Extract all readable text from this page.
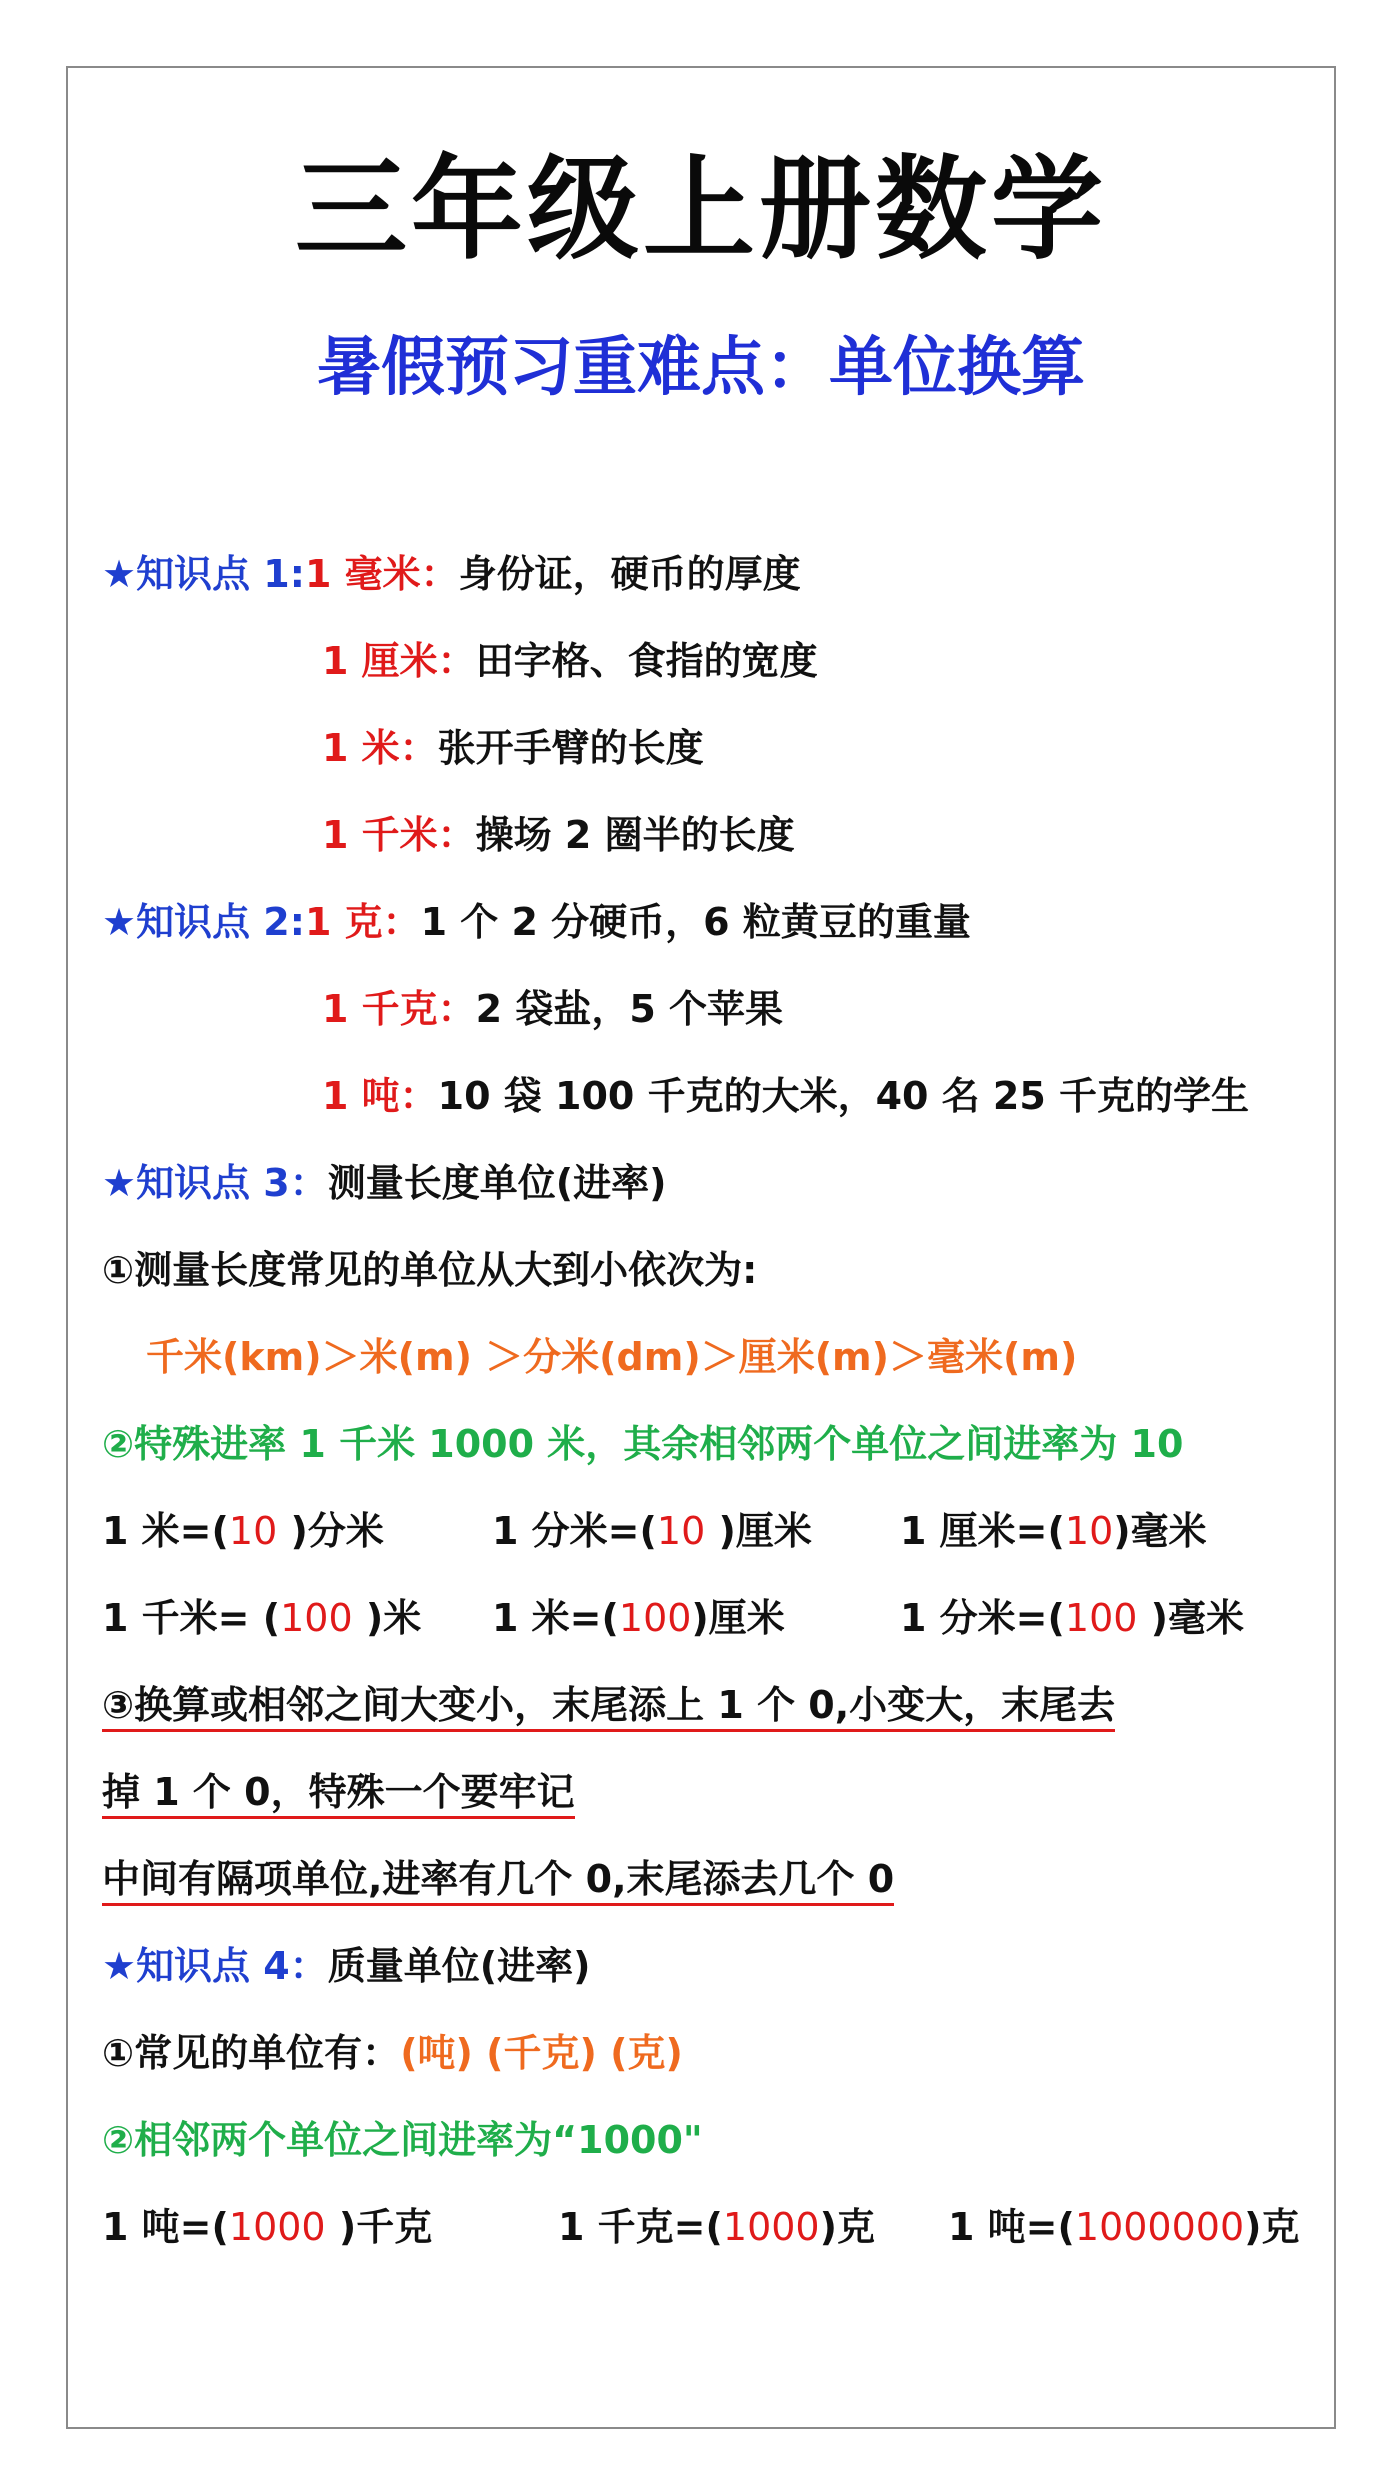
三年级上册数学
暑假预习重难点：单位换算
★知识点 1:1 毫米：身份证，硬币的厚度
1 厘米：田字格、食指的宽度
1 米：张开手臂的长度
1 千米：操场 2 圈半的长度
★知识点 2:1 克：1 个 2 分硬币，6 粒黄豆的重量
1 千克：2 袋盐，5 个苹果
1 吨：10 袋 100 千克的大米，40 名 25 千克的学生
★知识点 3：测量长度单位(进率)
①测量长度常见的单位从大到小依次为:
千米(km)＞米(m) ＞分米(dm)＞厘米(m)＞毫米(m)
②特殊进率 1 千米 1000 米，其余相邻两个单位之间进率为 10
1 米=(10 )分米	1 分米=(10 )厘米 1 厘米=(10)毫米
1 千米= (100 )米 1 米=(100)厘米	1 分米=(100 )毫米
③换算或相邻之间大变小，末尾添上 1 个 0,小变大，末尾去
掉 1 个 0，特殊一个要牢记
中间有隔项单位,进率有几个 0,末尾添去几个 0
★知识点 4：质量单位(进率)
①常见的单位有：(吨) (千克) (克)
②相邻两个单位之间进率为“1000"
1 吨=(1000 )千克	1 千克=(1000)克 1 吨=(1000000)克
